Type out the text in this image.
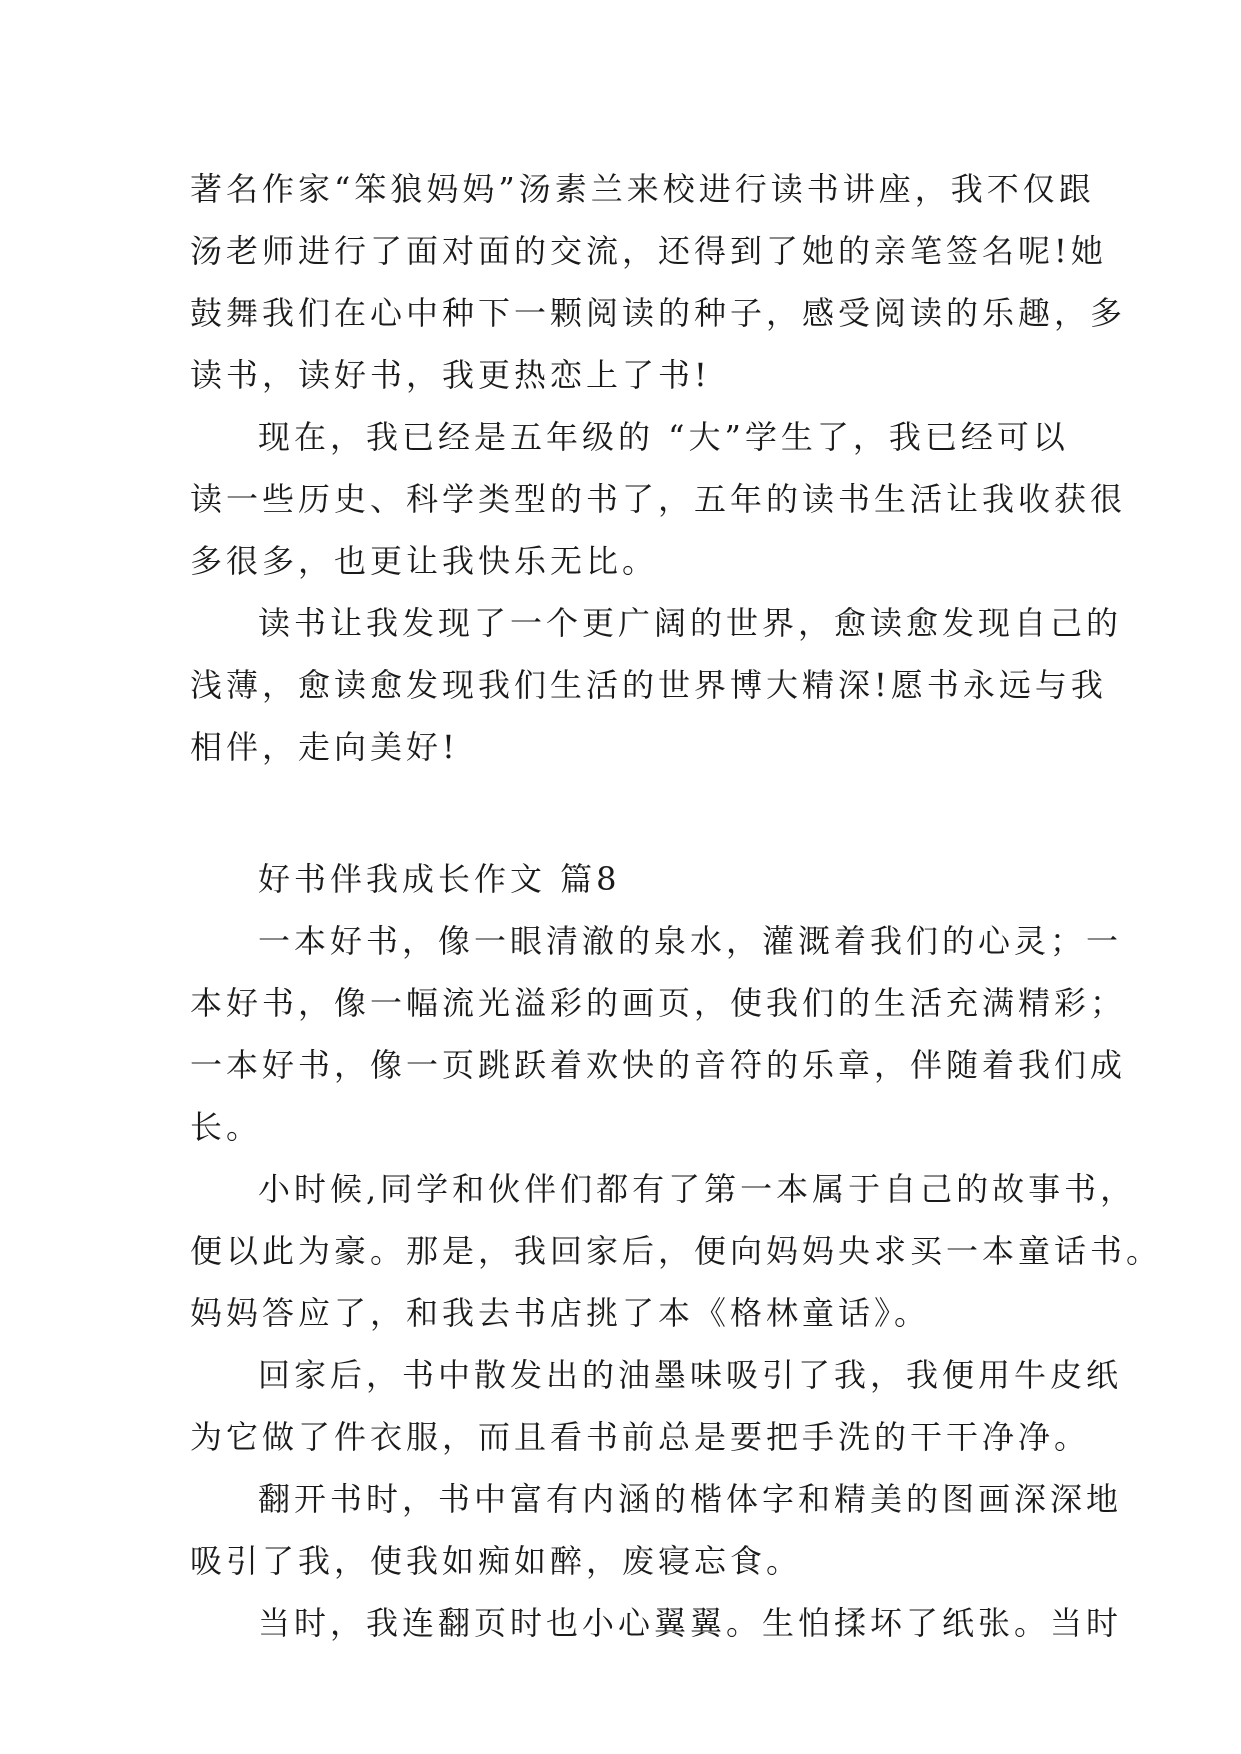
著名作家“笨狼妈妈”汤素兰来校进行读书讲座，我不仅跟
汤老师进行了面对面的交流，还得到了她的亲笔签名呢!她
鼓舞我们在心中种下一颗阅读的种子，感受阅读的乐趣，多
读书，读好书，我更热恋上了书!
现在，我已经是五年级的 “大”学生了，我已经可以
读一些历史、科学类型的书了，五年的读书生活让我收获很
多很多，也更让我快乐无比。
读书让我发现了一个更广阔的世界，愈读愈发现自己的
浅薄，愈读愈发现我们生活的世界博大精深!愿书永远与我
相伴，走向美好!
好书伴我成长作文 篇8
一本好书，像一眼清澈的泉水，灌溉着我们的心灵；一
本好书，像一幅流光溢彩的画页，使我们的生活充满精彩；
一本好书，像一页跳跃着欢快的音符的乐章，伴随着我们成
长。
小时候,同学和伙伴们都有了第一本属于自己的故事书，
便以此为豪。那是，我回家后，便向妈妈央求买一本童话书。
妈妈答应了，和我去书店挑了本《格林童话》。
回家后，书中散发出的油墨味吸引了我，我便用牛皮纸
为它做了件衣服，而且看书前总是要把手洗的干干净净。
翻开书时，书中富有内涵的楷体字和精美的图画深深地
吸引了我，使我如痴如醉，废寝忘食。
当时，我连翻页时也小心翼翼。生怕揉坏了纸张。当时
